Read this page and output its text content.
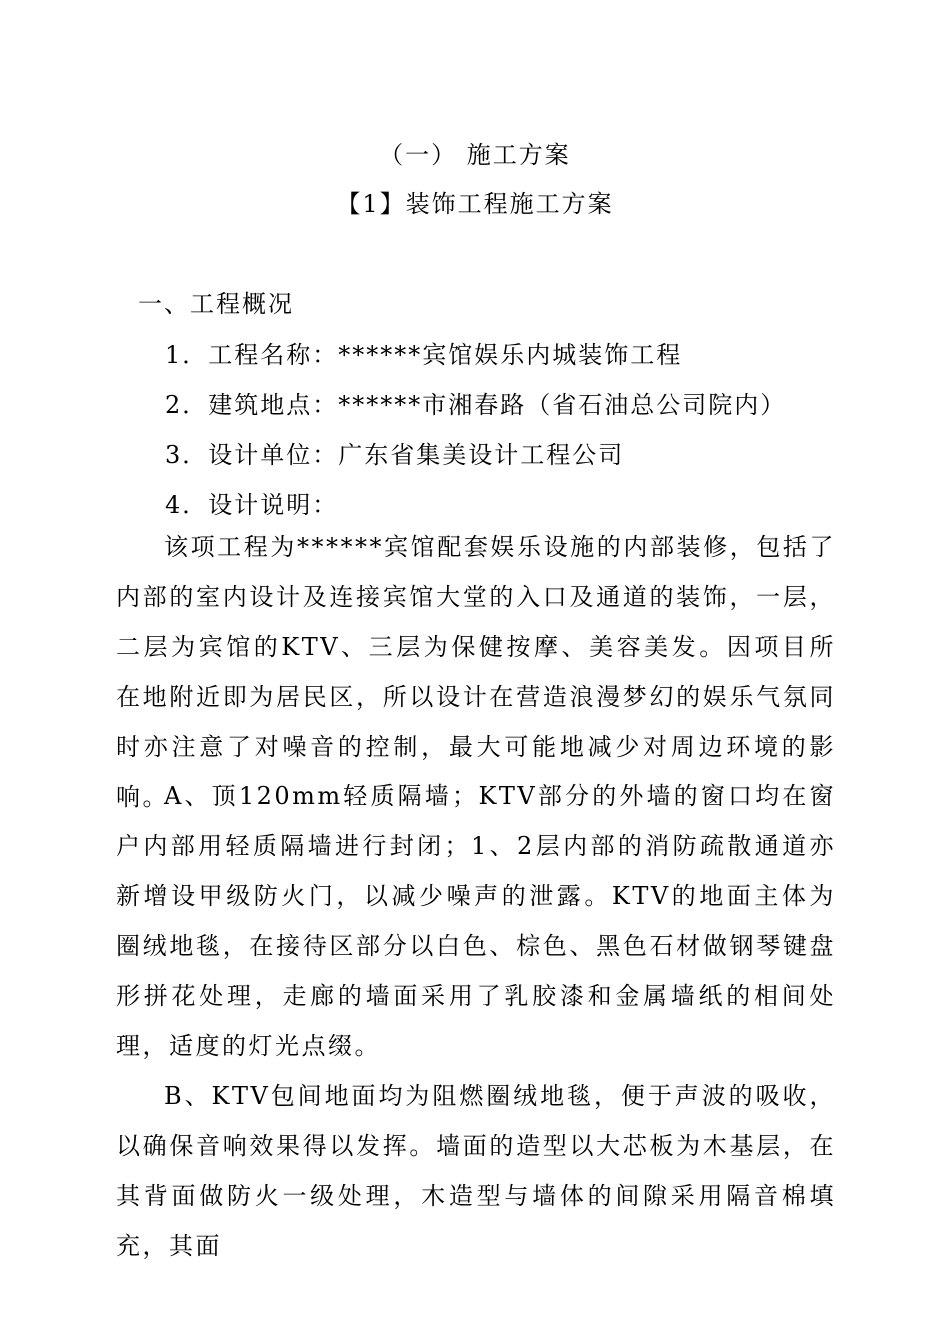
（一） 施工方案
【1】装饰工程施工方案
一、工程概况
1．工程名称：******宾馆娱乐内城装饰工程
2．建筑地点：******市湘春路（省石油总公司院内）
3．设计单位：广东省集美设计工程公司
4．设计说明：

该项工程为******宾馆配套娱乐设施的内部装修，包括了内部的室内设计及连接宾馆大堂的入口及通道的装饰，一层，二层为宾馆的KTV、三层为保健按摩、美容美发。因项目所在地附近即为居民区，所以设计在营造浪漫梦幻的娱乐气氛同时亦注意了对噪音的控制，最大可能地减少对周边环境的影响。

A、顶120mm轻质隔墙；KTV部分的外墙的窗口均在窗户内部用轻质隔墙进行封闭；1、2层内部的消防疏散通道亦新增设甲级防火门，以减少噪声的泄露。KTV的地面主体为圈绒地毯，在接待区部分以白色、棕色、黑色石材做钢琴键盘形拼花处理，走廊的墙面采用了乳胶漆和金属墙纸的相间处理，适度的灯光点缀。

B、KTV包间地面均为阻燃圈绒地毯，便于声波的吸收，以确保音响效果得以发挥。墙面的造型以大芯板为木基层，在其背面做防火一级处理，木造型与墙体的间隙采用隔音棉填充，其面
